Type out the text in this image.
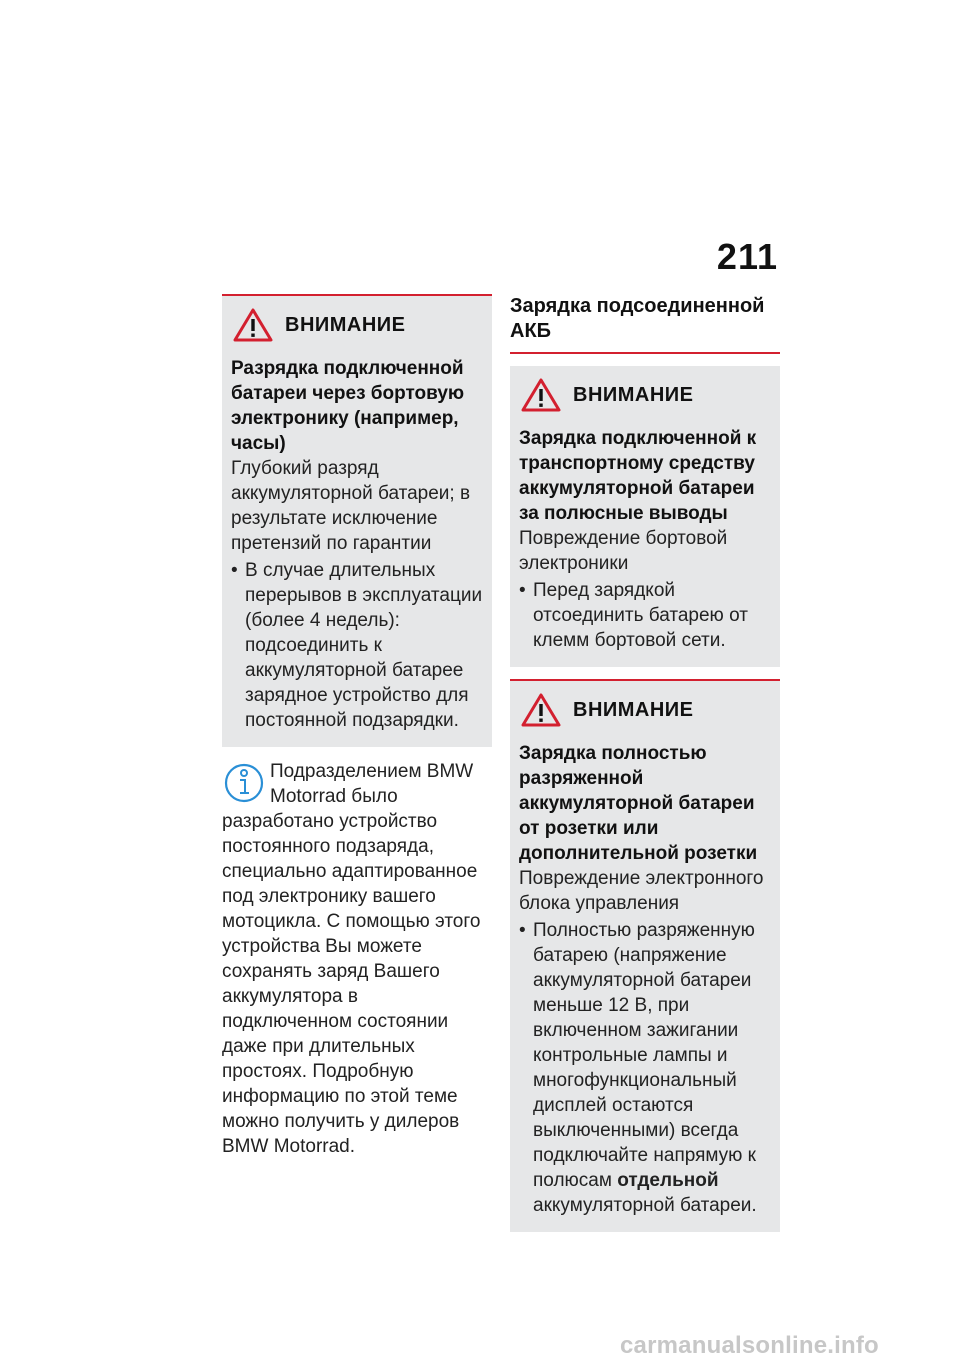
211
ВНИМАНИЕ

Разрядка подключенной батареи через бортовую электронику (например, часы)

Глубокий разряд аккумуляторной батареи; в результате исключение претензий по гарантии

• В случае длительных перерывов в эксплуатации (более 4 недель): подсоединить к аккумуляторной батарее зарядное устройство для постоянной подзарядки.

Подразделением BMW Motorrad было разработано устройство постоянного подзаряда, специально адаптированное под электронику вашего мотоцикла. С помощью этого устройства Вы можете сохранять заряд Вашего аккумулятора в подключенном состоянии даже при длительных простоях. Подробную информацию по этой теме можно получить у дилеров BMW Motorrad.

Зарядка подсоединенной АКБ

ВНИМАНИЕ

Зарядка подключенной к транспортному средству аккумуляторной батареи за полюсные выводы

Повреждение бортовой электроники

• Перед зарядкой отсоединить батарею от клемм бортовой сети.
ВНИМАНИЕ

Зарядка полностью разряженной аккумуляторной батареи от розетки или дополнительной розетки

Повреждение электронного блока управления

• Полностью разряженную батарею (напряжение аккумуляторной батареи меньше 12 В, при включенном зажигании контрольные лампы и многофункциональный дисплей остаются выключенными) всегда подключайте напрямую к полюсам отдельной аккумуляторной батареи.
carmanualsonline.info
